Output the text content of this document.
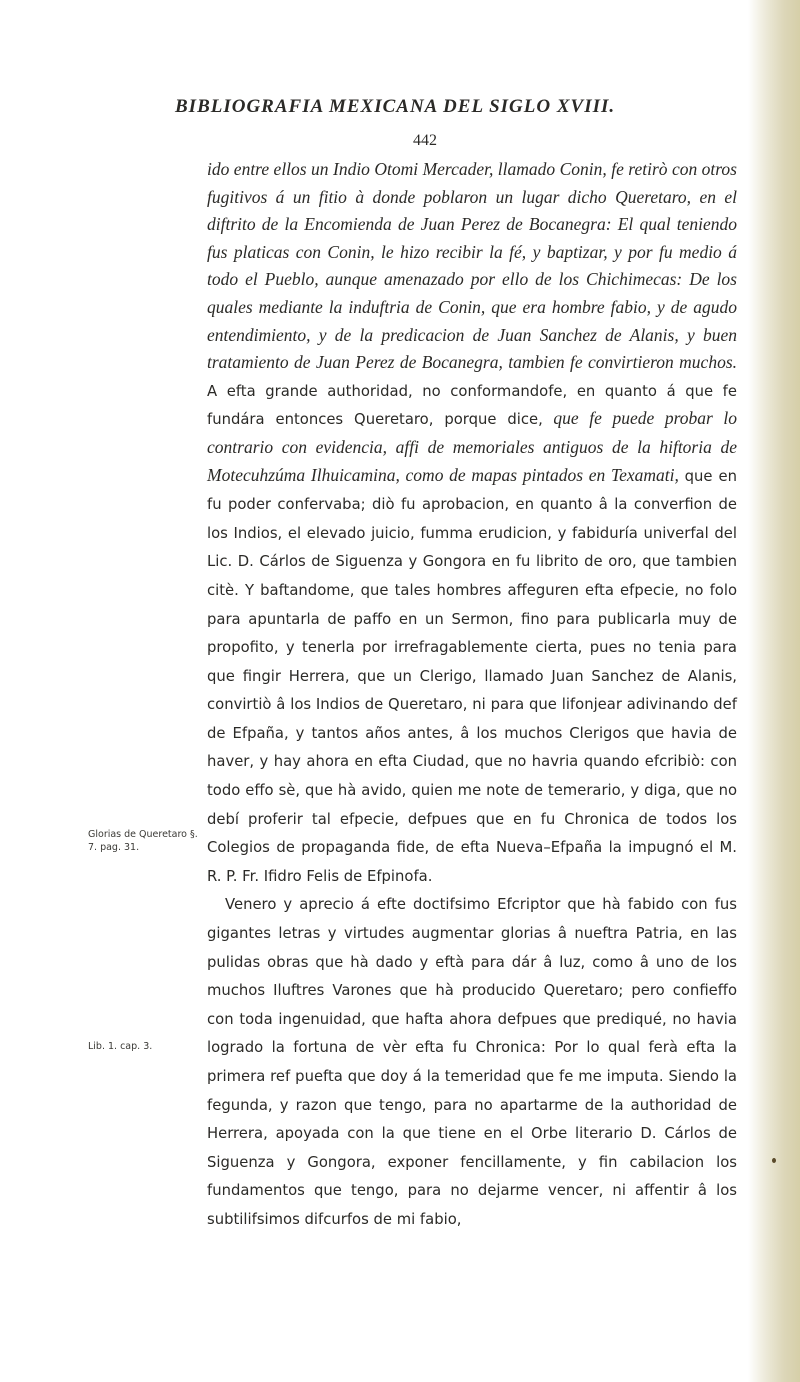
BIBLIOGRAFIA MEXICANA DEL SIGLO XVIII.
442
ido entre ellos un Indio Otomi Mercader, llamado Conin, fe retirò con otros fugitivos á un fitio à donde poblaron un lugar dicho Queretaro, en el diftrito de la Encomienda de Juan Perez de Bocanegra: El qual teniendo fus platicas con Conin, le hizo recibir la fé, y baptizar, y por fu medio á todo el Pueblo, aunque amenazado por ello de los Chichimecas: De los quales mediante la induftria de Conin, que era hombre fabio, y de agudo entendimiento, y de la predicacion de Juan Sanchez de Alanis, y buen tratamiento de Juan Perez de Bocanegra, tambien fe convirtieron muchos. A efta grande authoridad, no conformandofe, en quanto á que fe fundára entonces Queretaro, porque dice, que fe puede probar lo contrario con evidencia, affi de memoriales antiguos de la hiftoria de Motecuhzúma Ilhuicamina, como de mapas pintados en Texamati, que en fu poder confervaba; diò fu aprobacion, en quanto â la converfion de los Indios, el elevado juicio, fumma erudicion, y fabiduría univerfal del Lic. D. Cárlos de Siguenza y Gongora en fu librito de oro, que tambien citè. Y baftandome, que tales hombres affeguren efta efpecie, no folo para apuntarla de paffo en un Sermon, fino para publicarla muy de propofito, y tenerla por irrefragablemente cierta, pues no tenia para que fingir Herrera, que un Clerigo, llamado Juan Sanchez de Alanis, convirtiò â los Indios de Queretaro, ni para que lifonjear adivinando def de Efpaña, y tantos años antes, â los muchos Clerigos que havia de haver, y hay ahora en efta Ciudad, que no havria quando efcribiò: con todo effo sè, que hà avido, quien me note de temerario, y diga, que no debí proferir tal efpecie, defpues que en fu Chronica de todos los Colegios de propaganda fide, de efta Nueva–Efpaña la impugnó el M. R. P. Fr. Ifidro Felis de Efpinofa.
Venero y aprecio á efte doctifsimo Efcriptor que hà fabido con fus gigantes letras y virtudes augmentar glorias â nueftra Patria, en las pulidas obras que hà dado y eftà para dár â luz, como â uno de los muchos Iluftres Varones que hà producido Queretaro; pero confieffo con toda ingenuidad, que hafta ahora defpues que prediqué, no havia logrado la fortuna de vèr efta fu Chronica: Por lo qual ferà efta la primera ref puefta que doy á la temeridad que fe me imputa. Siendo la fegunda, y razon que tengo, para no apartarme de la authoridad de Herrera, apoyada con la que tiene en el Orbe literario D. Cárlos de Siguenza y Gongora, exponer fencillamente, y fin cabilacion los fundamentos que tengo, para no dejarme vencer, ni affentir â los subtilifsimos difcurfos de mi fabio,
Glorias de Queretaro §. 7. pag. 31.
Lib. 1. cap. 3.
